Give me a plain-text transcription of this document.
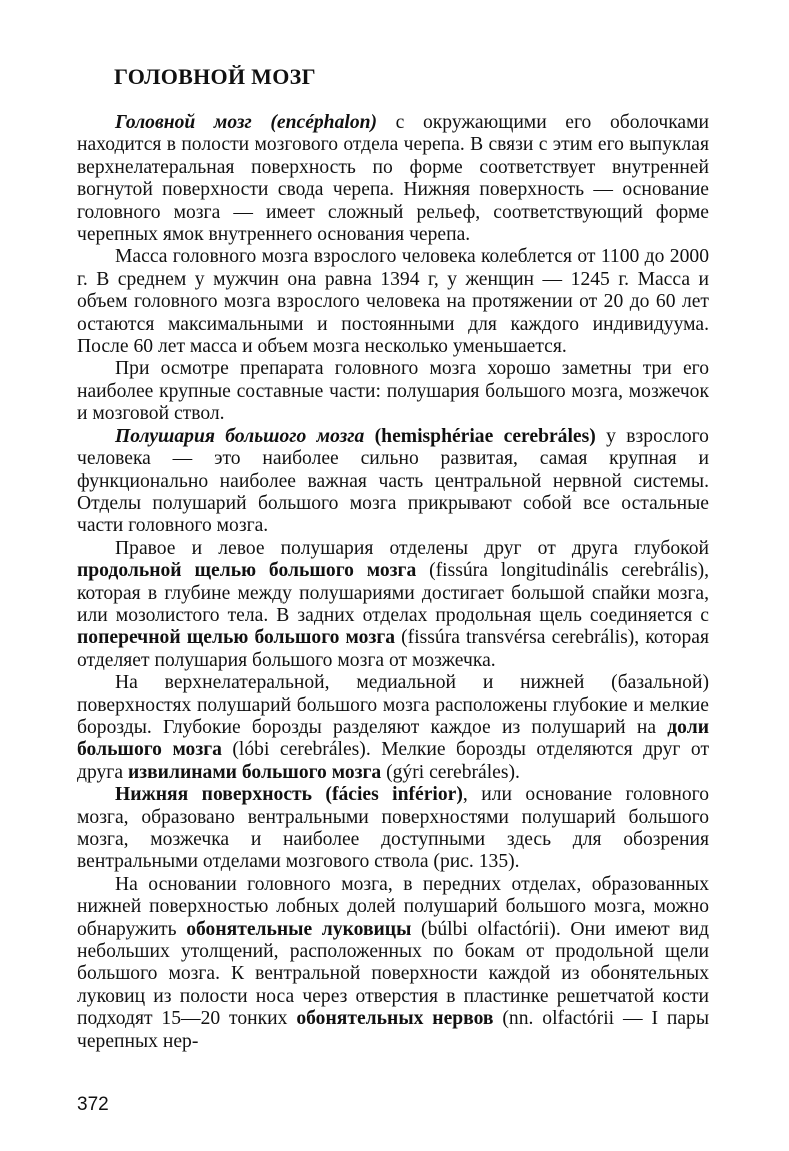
ГОЛОВНОЙ МОЗГ

Головной мозг (encéphalon) с окружающими его оболочками находится в полости мозгового отдела черепа. В связи с этим его выпуклая верхнелатеральная поверхность по форме соответствует внутренней вогнутой поверхности свода черепа. Нижняя поверхность — основание головного мозга — имеет сложный рельеф, соответствующий форме черепных ямок внутреннего основания черепа.

Масса головного мозга взрослого человека колеблется от 1100 до 2000 г. В среднем у мужчин она равна 1394 г, у женщин — 1245 г. Масса и объем головного мозга взрослого человека на протяжении от 20 до 60 лет остаются максимальными и постоянными для каждого индивидуума. После 60 лет масса и объем мозга несколько уменьшается.

При осмотре препарата головного мозга хорошо заметны три его наиболее крупные составные части: полушария большого мозга, мозжечок и мозговой ствол.

Полушария большого мозга (hemisphériae cerebráles) у взрослого человека — это наиболее сильно развитая, самая крупная и функционально наиболее важная часть центральной нервной системы. Отделы полушарий большого мозга прикрывают собой все остальные части головного мозга.

Правое и левое полушария отделены друг от друга глубокой продольной щелью большого мозга (fissúra longitudinális cerebrális), которая в глубине между полушариями достигает большой спайки мозга, или мозолистого тела. В задних отделах продольная щель соединяется с поперечной щелью большого мозга (fissúra transvérsa cerebrális), которая отделяет полушария большого мозга от мозжечка.

На верхнелатеральной, медиальной и нижней (базальной) поверхностях полушарий большого мозга расположены глубокие и мелкие борозды. Глубокие борозды разделяют каждое из полушарий на доли большого мозга (lóbi cerebráles). Мелкие борозды отделяются друг от друга извилинами большого мозга (gýri cerebráles).

Нижняя поверхность (fácies inférior), или основание головного мозга, образовано вентральными поверхностями полушарий большого мозга, мозжечка и наиболее доступными здесь для обозрения вентральными отделами мозгового ствола (рис. 135).

На основании головного мозга, в передних отделах, образованных нижней поверхностью лобных долей полушарий большого мозга, можно обнаружить обонятельные луковицы (búlbi olfactórii). Они имеют вид небольших утолщений, расположенных по бокам от продольной щели большого мозга. К вентральной поверхности каждой из обонятельных луковиц из полости носа через отверстия в пластинке решетчатой кости подходят 15—20 тонких обонятельных нервов (nn. olfactórii — I пары черепных нер-

372
